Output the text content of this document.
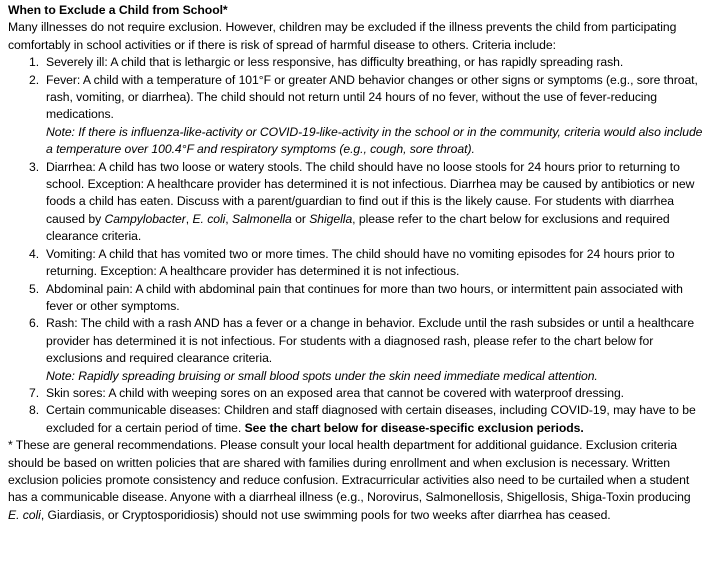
When to Exclude a Child from School*

Many illnesses do not require exclusion. However, children may be excluded if the illness prevents the child from participating comfortably in school activities or if there is risk of spread of harmful disease to others. Criteria include:

1. Severely ill: A child that is lethargic or less responsive, has difficulty breathing, or has rapidly spreading rash.
2. Fever: A child with a temperature of 101°F or greater AND behavior changes or other signs or symptoms (e.g., sore throat, rash, vomiting, or diarrhea). The child should not return until 24 hours of no fever, without the use of fever-reducing medications.
Note: If there is influenza-like-activity or COVID-19-like-activity in the school or in the community, criteria would also include a temperature over 100.4°F and respiratory symptoms (e.g., cough, sore throat).
3. Diarrhea: A child has two loose or watery stools. The child should have no loose stools for 24 hours prior to returning to school. Exception: A healthcare provider has determined it is not infectious. Diarrhea may be caused by antibiotics or new foods a child has eaten. Discuss with a parent/guardian to find out if this is the likely cause. For students with diarrhea caused by Campylobacter, E. coli, Salmonella or Shigella, please refer to the chart below for exclusions and required clearance criteria.
4. Vomiting: A child that has vomited two or more times. The child should have no vomiting episodes for 24 hours prior to returning. Exception: A healthcare provider has determined it is not infectious.
5. Abdominal pain: A child with abdominal pain that continues for more than two hours, or intermittent pain associated with fever or other symptoms.
6. Rash: The child with a rash AND has a fever or a change in behavior. Exclude until the rash subsides or until a healthcare provider has determined it is not infectious. For students with a diagnosed rash, please refer to the chart below for exclusions and required clearance criteria.
Note: Rapidly spreading bruising or small blood spots under the skin need immediate medical attention.
7. Skin sores: A child with weeping sores on an exposed area that cannot be covered with waterproof dressing.
8. Certain communicable diseases: Children and staff diagnosed with certain diseases, including COVID-19, may have to be excluded for a certain period of time. See the chart below for disease-specific exclusion periods.

* These are general recommendations. Please consult your local health department for additional guidance. Exclusion criteria should be based on written policies that are shared with families during enrollment and when exclusion is necessary. Written exclusion policies promote consistency and reduce confusion. Extracurricular activities also need to be curtailed when a student has a communicable disease. Anyone with a diarrheal illness (e.g., Norovirus, Salmonellosis, Shigellosis, Shiga-Toxin producing E. coli, Giardiasis, or Cryptosporidiosis) should not use swimming pools for two weeks after diarrhea has ceased.
